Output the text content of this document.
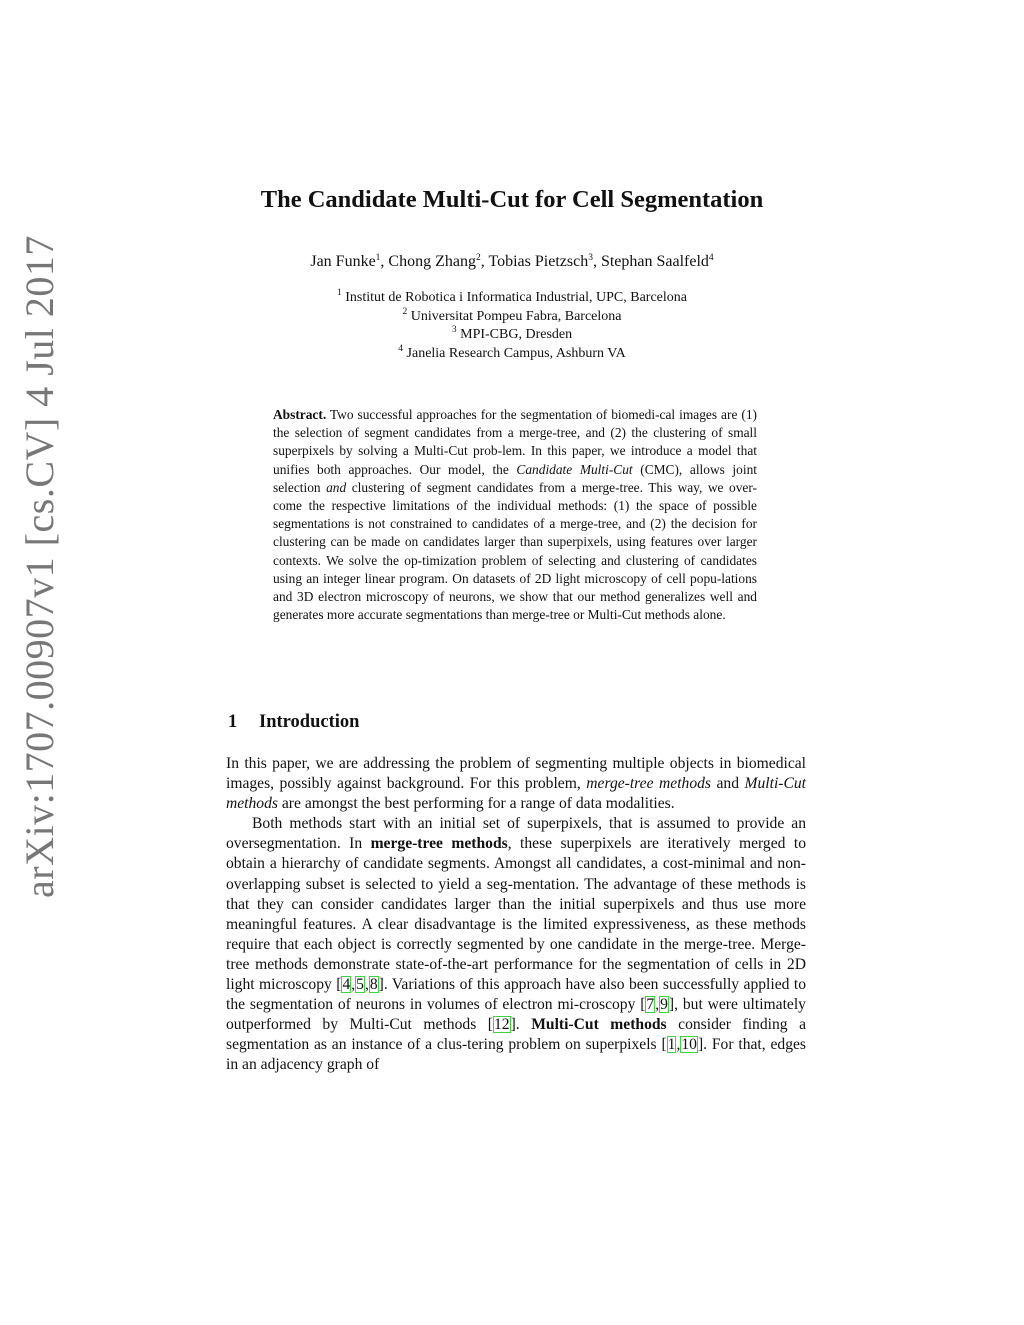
arXiv:1707.00907v1 [cs.CV] 4 Jul 2017
The Candidate Multi-Cut for Cell Segmentation
Jan Funke$^1$, Chong Zhang$^2$, Tobias Pietzsch$^3$, Stephan Saalfeld$^4$
$^1$ Institut de Robotica i Informatica Industrial, UPC, Barcelona
$^2$ Universitat Pompeu Fabra, Barcelona
$^3$ MPI-CBG, Dresden
$^4$ Janelia Research Campus, Ashburn VA
Abstract. Two successful approaches for the segmentation of biomedi-cal images are (1) the selection of segment candidates from a merge-tree, and (2) the clustering of small superpixels by solving a Multi-Cut prob-lem. In this paper, we introduce a model that unifies both approaches. Our model, the Candidate Multi-Cut (CMC), allows joint selection and clustering of segment candidates from a merge-tree. This way, we over-come the respective limitations of the individual methods: (1) the space of possible segmentations is not constrained to candidates of a merge-tree, and (2) the decision for clustering can be made on candidates larger than superpixels, using features over larger contexts. We solve the op-timization problem of selecting and clustering of candidates using an integer linear program. On datasets of 2D light microscopy of cell popu-lations and 3D electron microscopy of neurons, we show that our method generalizes well and generates more accurate segmentations than merge-tree or Multi-Cut methods alone.
1 Introduction

In this paper, we are addressing the problem of segmenting multiple objects in biomedical images, possibly against background. For this problem, merge-tree methods and Multi-Cut methods are amongst the best performing for a range of data modalities.

Both methods start with an initial set of superpixels, that is assumed to provide an oversegmentation. In merge-tree methods, these superpixels are iteratively merged to obtain a hierarchy of candidate segments. Amongst all candidates, a cost-minimal and non-overlapping subset is selected to yield a seg-mentation. The advantage of these methods is that they can consider candidates larger than the initial superpixels and thus use more meaningful features. A clear disadvantage is the limited expressiveness, as these methods require that each object is correctly segmented by one candidate in the merge-tree. Merge-tree methods demonstrate state-of-the-art performance for the segmentation of cells in 2D light microscopy [4,5,8]. Variations of this approach have also been successfully applied to the segmentation of neurons in volumes of electron mi-croscopy [7,9], but were ultimately outperformed by Multi-Cut methods [12]. Multi-Cut methods consider finding a segmentation as an instance of a clus-tering problem on superpixels [1,10]. For that, edges in an adjacency graph of
